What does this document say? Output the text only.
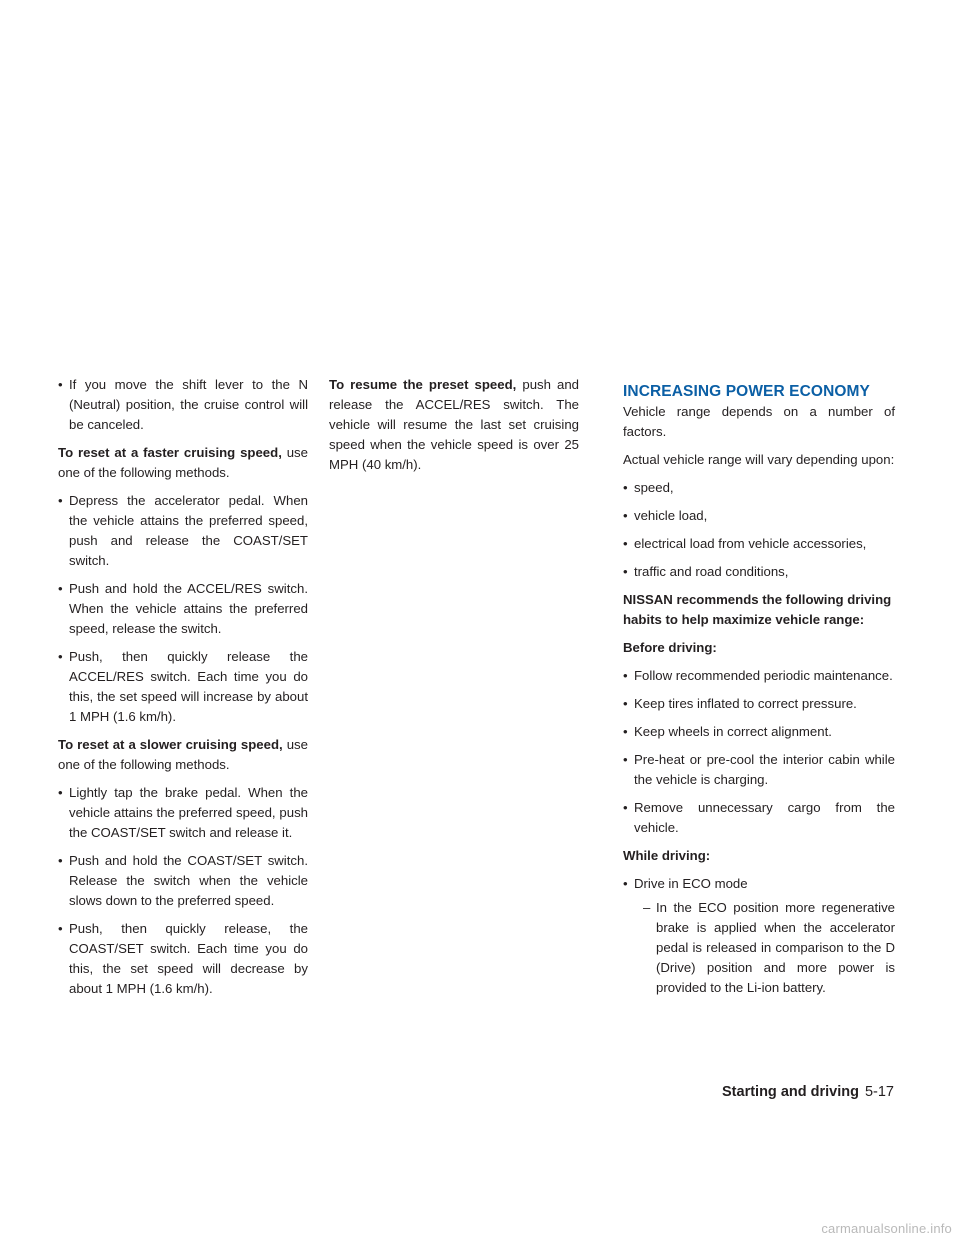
• If you move the shift lever to the N (Neutral) position, the cruise control will be canceled.

To reset at a faster cruising speed, use one of the following methods.

• Depress the accelerator pedal. When the vehicle attains the preferred speed, push and release the COAST/SET switch.

• Push and hold the ACCEL/RES switch. When the vehicle attains the preferred speed, release the switch.

• Push, then quickly release the ACCEL/RES switch. Each time you do this, the set speed will increase by about 1 MPH (1.6 km/h).

To reset at a slower cruising speed, use one of the following methods.

• Lightly tap the brake pedal. When the vehicle attains the preferred speed, push the COAST/SET switch and release it.

• Push and hold the COAST/SET switch. Release the switch when the vehicle slows down to the preferred speed.

• Push, then quickly release, the COAST/SET switch. Each time you do this, the set speed will decrease by about 1 MPH (1.6 km/h).

To resume the preset speed, push and release the ACCEL/RES switch. The vehicle will resume the last set cruising speed when the vehicle speed is over 25 MPH (40 km/h).

INCREASING POWER ECONOMY

Vehicle range depends on a number of factors.

Actual vehicle range will vary depending upon:

• speed,

• vehicle load,

• electrical load from vehicle accessories,

• traffic and road conditions,

NISSAN recommends the following driving habits to help maximize vehicle range:

Before driving:

• Follow recommended periodic maintenance.

• Keep tires inflated to correct pressure.

• Keep wheels in correct alignment.

• Pre-heat or pre-cool the interior cabin while the vehicle is charging.

• Remove unnecessary cargo from the vehicle.

While driving:

• Drive in ECO mode

– In the ECO position more regenerative brake is applied when the accelerator pedal is released in comparison to the D (Drive) position and more power is provided to the Li-ion battery.

Starting and driving 5-17
carmanualsonline.info
